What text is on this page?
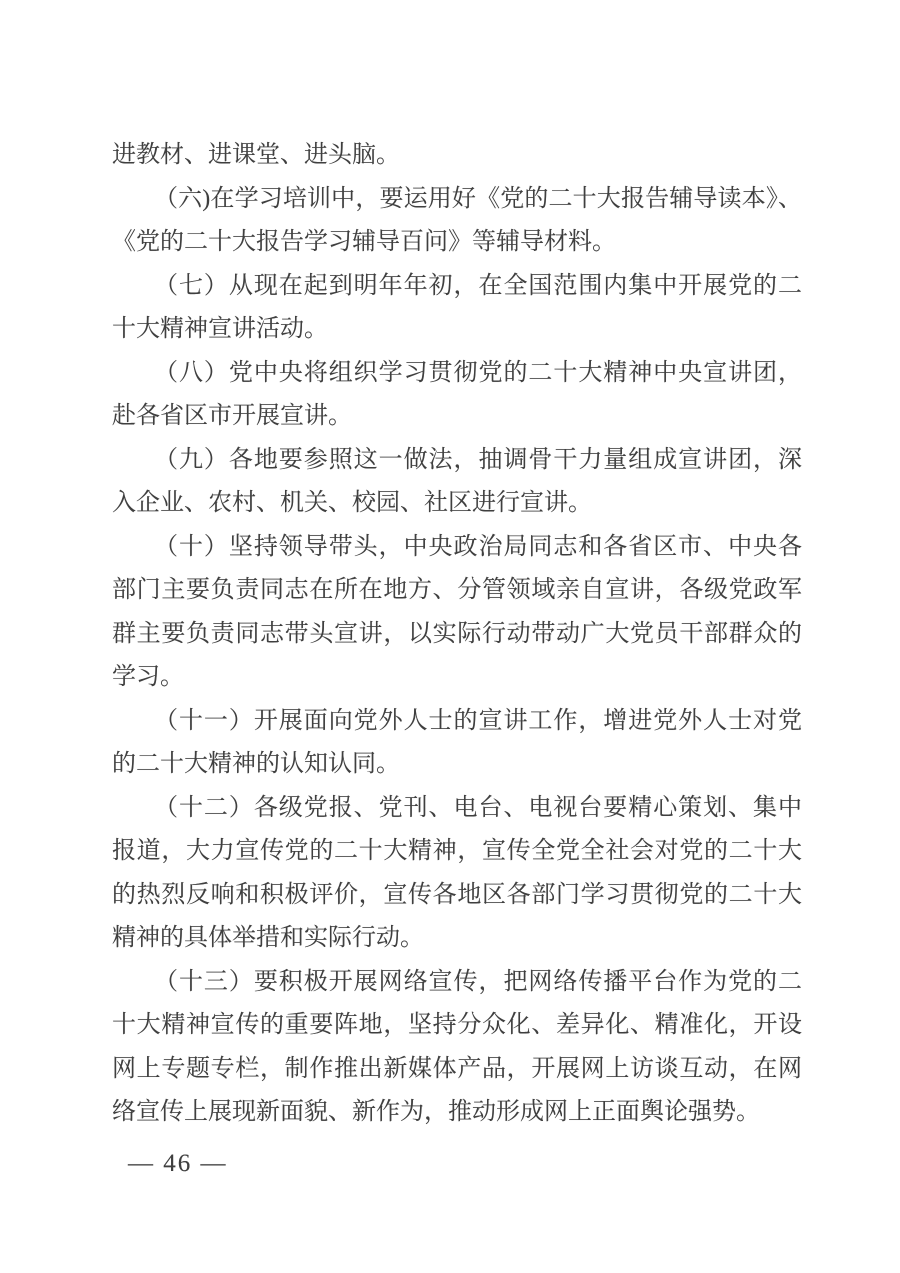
进教材、进课堂、进头脑。
（六)在学习培训中，要运用好《党的二十大报告辅导读本》、
《党的二十大报告学习辅导百问》等辅导材料。
（七）从现在起到明年年初，在全国范围内集中开展党的二
十大精神宣讲活动。
（八）党中央将组织学习贯彻党的二十大精神中央宣讲团，
赴各省区市开展宣讲。
（九）各地要参照这一做法，抽调骨干力量组成宣讲团，深
入企业、农村、机关、校园、社区进行宣讲。
（十）坚持领导带头，中央政治局同志和各省区市、中央各
部门主要负责同志在所在地方、分管领域亲自宣讲，各级党政军
群主要负责同志带头宣讲，以实际行动带动广大党员干部群众的
学习。
（十一）开展面向党外人士的宣讲工作，增进党外人士对党
的二十大精神的认知认同。
（十二）各级党报、党刊、电台、电视台要精心策划、集中
报道，大力宣传党的二十大精神，宣传全党全社会对党的二十大
的热烈反响和积极评价，宣传各地区各部门学习贯彻党的二十大
精神的具体举措和实际行动。
（十三）要积极开展网络宣传，把网络传播平台作为党的二
十大精神宣传的重要阵地，坚持分众化、差异化、精准化，开设
网上专题专栏，制作推出新媒体产品，开展网上访谈互动，在网
络宣传上展现新面貌、新作为，推动形成网上正面舆论强势。
— 46 —
